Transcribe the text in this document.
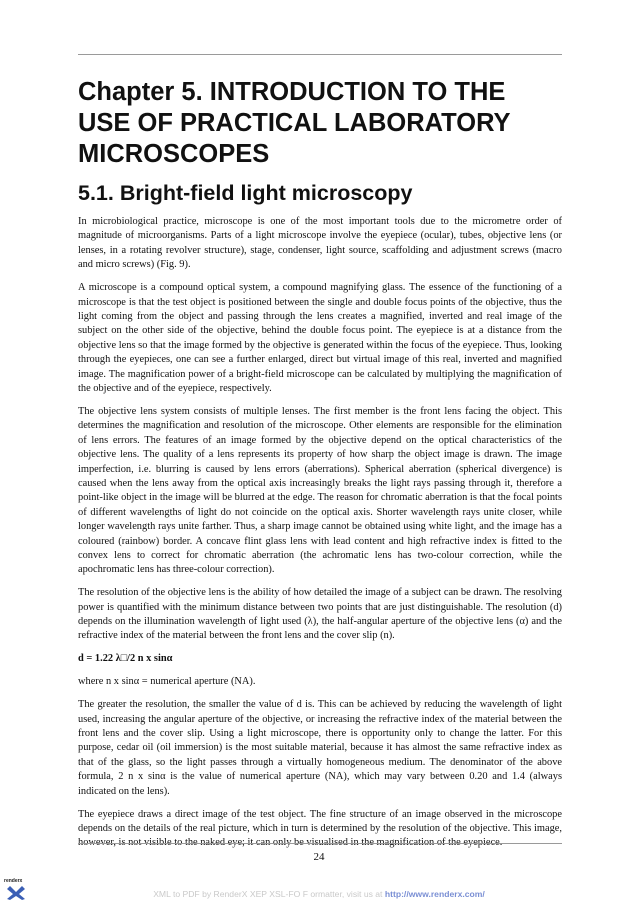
Chapter 5. INTRODUCTION TO THE USE OF PRACTICAL LABORATORY MICROSCOPES
5.1. Bright-field light microscopy

In microbiological practice, microscope is one of the most important tools due to the micrometre order of magnitude of microorganisms. Parts of a light microscope involve the eyepiece (ocular), tubes, objective lens (or lenses, in a rotating revolver structure), stage, condenser, light source, scaffolding and adjustment screws (macro and micro screws) (Fig. 9).

A microscope is a compound optical system, a compound magnifying glass. The essence of the functioning of a microscope is that the test object is positioned between the single and double focus points of the objective, thus the light coming from the object and passing through the lens creates a magnified, inverted and real image of the subject on the other side of the objective, behind the double focus point. The eyepiece is at a distance from the objective lens so that the image formed by the objective is generated within the focus of the eyepiece. Thus, looking through the eyepieces, one can see a further enlarged, direct but virtual image of this real, inverted and magnified image. The magnification power of a bright-field microscope can be calculated by multiplying the magnification of the objective and of the eyepiece, respectively.

The objective lens system consists of multiple lenses. The first member is the front lens facing the object. This determines the magnification and resolution of the microscope. Other elements are responsible for the elimination of lens errors. The features of an image formed by the objective depend on the optical characteristics of the objective lens. The quality of a lens represents its property of how sharp the object image is drawn. The image imperfection, i.e. blurring is caused by lens errors (aberrations). Spherical aberration (spherical divergence) is caused when the lens away from the optical axis increasingly breaks the light rays passing through it, therefore a point-like object in the image will be blurred at the edge. The reason for chromatic aberration is that the focal points of different wavelengths of light do not coincide on the optical axis. Shorter wavelength rays unite closer, while longer wavelength rays unite farther. Thus, a sharp image cannot be obtained using white light, and the image has a coloured (rainbow) border. A concave flint glass lens with lead content and high refractive index is fitted to the convex lens to correct for chromatic aberration (the achromatic lens has two-colour correction, while the apochromatic lens has three-colour correction).

The resolution of the objective lens is the ability of how detailed the image of a subject can be drawn. The resolving power is quantified with the minimum distance between two points that are just distinguishable. The resolution (d) depends on the illumination wavelength of light used (λ), the half-angular aperture of the objective lens (α) and the refractive index of the material between the front lens and the cover slip (n).

d = 1.22 λ□/2 n x sinα

where n x sinα = numerical aperture (NA).

The greater the resolution, the smaller the value of d is. This can be achieved by reducing the wavelength of light used, increasing the angular aperture of the objective, or increasing the refractive index of the material between the front lens and the cover slip. Using a light microscope, there is opportunity only to change the latter. For this purpose, cedar oil (oil immersion) is the most suitable material, because it has almost the same refractive index as that of the glass, so the light passes through a virtually homogeneous medium. The denominator of the above formula, 2 n x sinα is the value of numerical aperture (NA), which may vary between 0.20 and 1.4 (always indicated on the lens).

The eyepiece draws a direct image of the test object. The fine structure of an image observed in the microscope depends on the details of the real picture, which in turn is determined by the resolution of the objective. This image, however, is not visible to the naked eye; it can only be visualised in the magnification of the eyepiece.

24
renderx
XML to PDF by RenderX XEP XSL-FO F ormatter, visit us at http://www.renderx.com/
